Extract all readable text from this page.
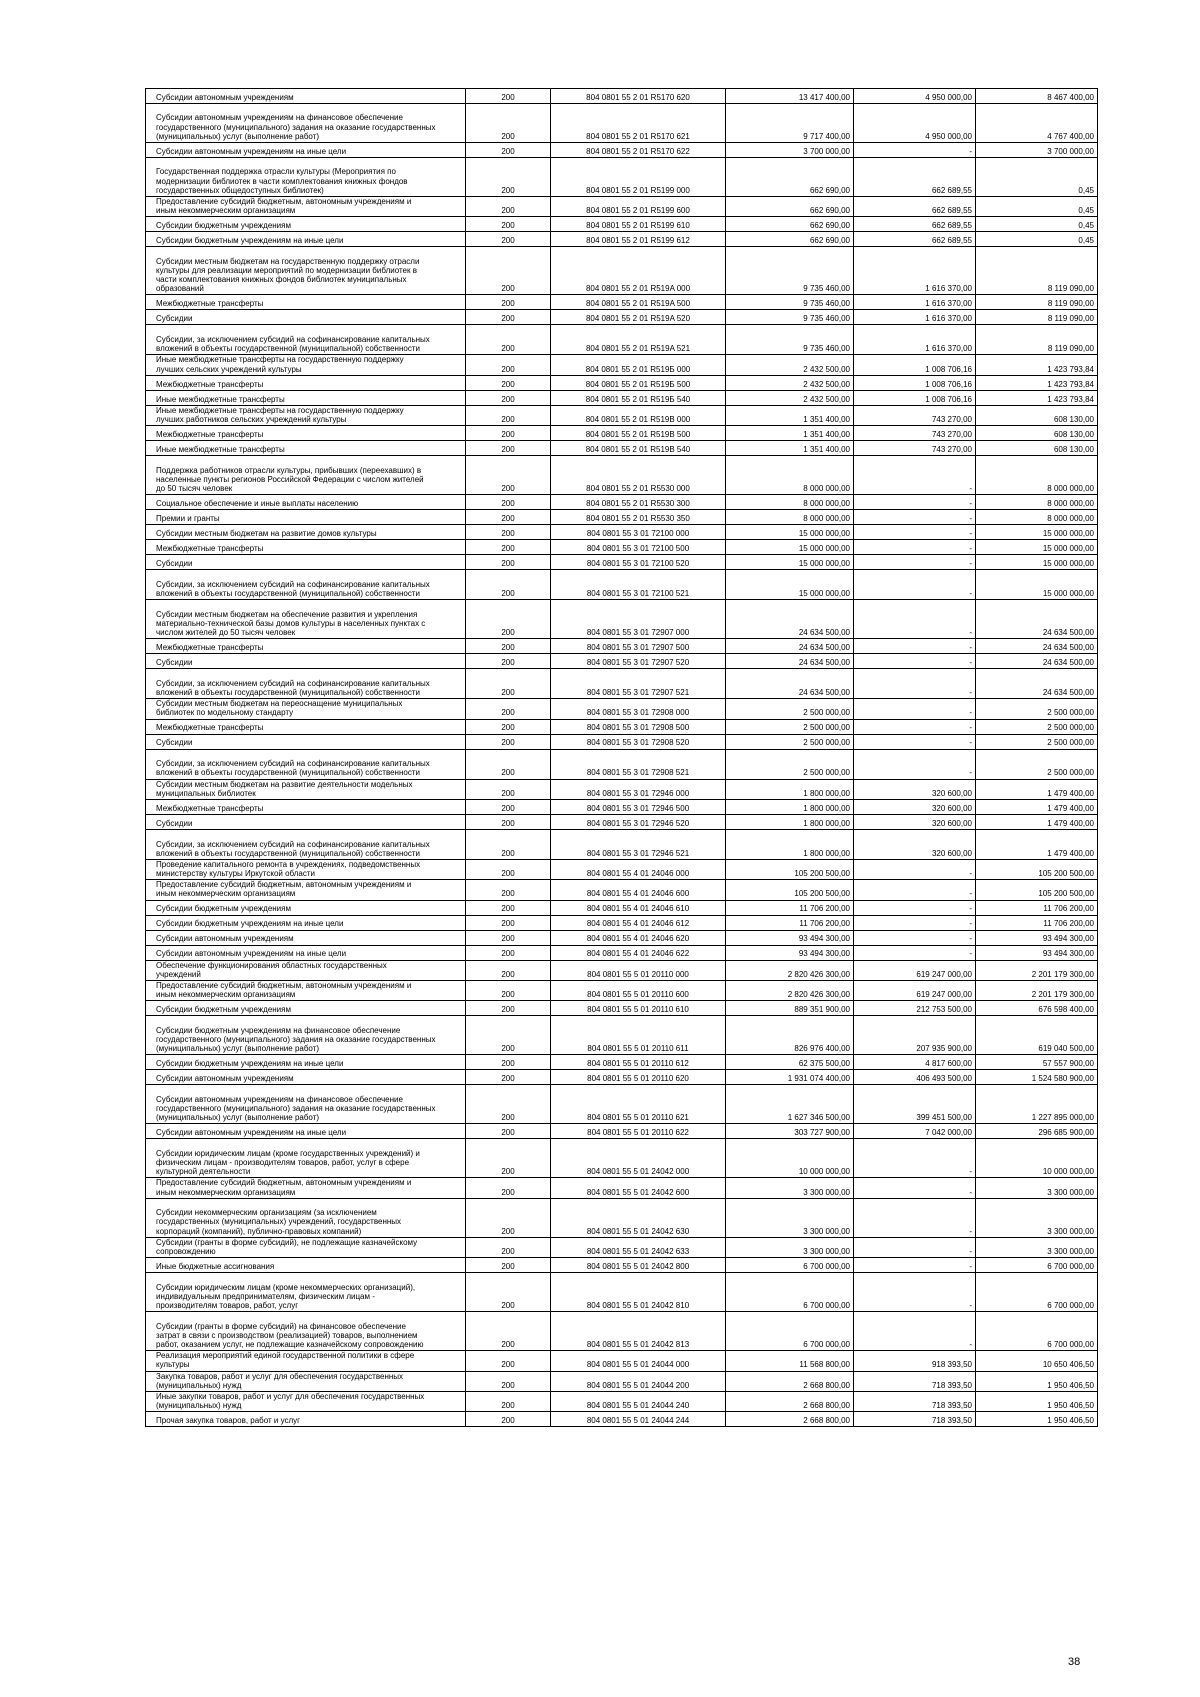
Субсидии автономным учреждениям	200	804 0801 55 2 01 R5170 620	13 417 400,00	4 950 000,00	8 467 400,00
Субсидии автономным учреждениям на финансовое обеспечение
государственного (муниципального) задания на оказание государственных
(муниципальных) услуг (выполнение работ)	200	804 0801 55 2 01 R5170 621	9 717 400,00	4 950 000,00	4 767 400,00
Субсидии автономным учреждениям на иные цели	200	804 0801 55 2 01 R5170 622	3 700 000,00	-	3 700 000,00
Государственная поддержка отрасли культуры (Мероприятия по
модернизации библиотек в части комплектования книжных фондов
государственных общедоступных библиотек)	200	804 0801 55 2 01 R5199 000	662 690,00	662 689,55	0,45
Предоставление субсидий бюджетным, автономным учреждениям и
иным некоммерческим организациям	200	804 0801 55 2 01 R5199 600	662 690,00	662 689,55	0,45
Субсидии бюджетным учреждениям	200	804 0801 55 2 01 R5199 610	662 690,00	662 689,55	0,45
Субсидии бюджетным учреждениям на иные цели	200	804 0801 55 2 01 R5199 612	662 690,00	662 689,55	0,45
Субсидии местным бюджетам на государственную поддержку отрасли
культуры для реализации мероприятий по модернизации библиотек в
части комплектования книжных фондов библиотек муниципальных
образований	200	804 0801 55 2 01 R519A 000	9 735 460,00	1 616 370,00	8 119 090,00
Межбюджетные трансферты	200	804 0801 55 2 01 R519A 500	9 735 460,00	1 616 370,00	8 119 090,00
Субсидии	200	804 0801 55 2 01 R519A 520	9 735 460,00	1 616 370,00	8 119 090,00
Субсидии, за исключением субсидий на софинансирование капитальных
вложений в объекты государственной (муниципальной) собственности	200	804 0801 55 2 01 R519A 521	9 735 460,00	1 616 370,00	8 119 090,00
Иные межбюджетные трансферты на государственную поддержку
лучших сельских учреждений культуры	200	804 0801 55 2 01 R519Б 000	2 432 500,00	1 008 706,16	1 423 793,84
Межбюджетные трансферты	200	804 0801 55 2 01 R519Б 500	2 432 500,00	1 008 706,16	1 423 793,84
Иные межбюджетные трансферты	200	804 0801 55 2 01 R519Б 540	2 432 500,00	1 008 706,16	1 423 793,84
Иные межбюджетные трансферты на государственную поддержку
лучших работников сельских учреждений культуры	200	804 0801 55 2 01 R519В 000	1 351 400,00	743 270,00	608 130,00
Межбюджетные трансферты	200	804 0801 55 2 01 R519В 500	1 351 400,00	743 270,00	608 130,00
Иные межбюджетные трансферты	200	804 0801 55 2 01 R519В 540	1 351 400,00	743 270,00	608 130,00
Поддержка работников отрасли культуры, прибывших (переехавших) в
населенные пункты регионов Российской Федерации с числом жителей
до 50 тысяч человек	200	804 0801 55 2 01 R5530 000	8 000 000,00	-	8 000 000,00
Социальное обеспечение и иные выплаты населению	200	804 0801 55 2 01 R5530 300	8 000 000,00	-	8 000 000,00
Премии и гранты	200	804 0801 55 2 01 R5530 350	8 000 000,00	-	8 000 000,00
Субсидии местным бюджетам на развитие домов культуры	200	804 0801 55 3 01 72100 000	15 000 000,00	-	15 000 000,00
Межбюджетные трансферты	200	804 0801 55 3 01 72100 500	15 000 000,00	-	15 000 000,00
Субсидии	200	804 0801 55 3 01 72100 520	15 000 000,00	-	15 000 000,00
Субсидии, за исключением субсидий на софинансирование капитальных
вложений в объекты государственной (муниципальной) собственности	200	804 0801 55 3 01 72100 521	15 000 000,00	-	15 000 000,00
Субсидии местным бюджетам на обеспечение развития и укрепления
материально-технической базы домов культуры в населенных пунктах с
числом жителей до 50 тысяч человек	200	804 0801 55 3 01 72907 000	24 634 500,00	-	24 634 500,00
Межбюджетные трансферты	200	804 0801 55 3 01 72907 500	24 634 500,00	-	24 634 500,00
Субсидии	200	804 0801 55 3 01 72907 520	24 634 500,00	-	24 634 500,00
Субсидии, за исключением субсидий на софинансирование капитальных
вложений в объекты государственной (муниципальной) собственности	200	804 0801 55 3 01 72907 521	24 634 500,00	-	24 634 500,00
Субсидии местным бюджетам на переоснащение муниципальных
библиотек по модельному стандарту	200	804 0801 55 3 01 72908 000	2 500 000,00	-	2 500 000,00
Межбюджетные трансферты	200	804 0801 55 3 01 72908 500	2 500 000,00	-	2 500 000,00
Субсидии	200	804 0801 55 3 01 72908 520	2 500 000,00	-	2 500 000,00
Субсидии, за исключением субсидий на софинансирование капитальных
вложений в объекты государственной (муниципальной) собственности	200	804 0801 55 3 01 72908 521	2 500 000,00	-	2 500 000,00
Субсидии местным бюджетам на развитие деятельности модельных
муниципальных библиотек	200	804 0801 55 3 01 72946 000	1 800 000,00	320 600,00	1 479 400,00
Межбюджетные трансферты	200	804 0801 55 3 01 72946 500	1 800 000,00	320 600,00	1 479 400,00
Субсидии	200	804 0801 55 3 01 72946 520	1 800 000,00	320 600,00	1 479 400,00
Субсидии, за исключением субсидий на софинансирование капитальных
вложений в объекты государственной (муниципальной) собственности	200	804 0801 55 3 01 72946 521	1 800 000,00	320 600,00	1 479 400,00
Проведение капитального ремонта в учреждениях, подведомственных
министерству культуры Иркутской области	200	804 0801 55 4 01 24046 000	105 200 500,00	-	105 200 500,00
Предоставление субсидий бюджетным, автономным учреждениям и
иным некоммерческим организациям	200	804 0801 55 4 01 24046 600	105 200 500,00	-	105 200 500,00
Субсидии бюджетным учреждениям	200	804 0801 55 4 01 24046 610	11 706 200,00	-	11 706 200,00
Субсидии бюджетным учреждениям на иные цели	200	804 0801 55 4 01 24046 612	11 706 200,00	-	11 706 200,00
Субсидии автономным учреждениям	200	804 0801 55 4 01 24046 620	93 494 300,00	-	93 494 300,00
Субсидии автономным учреждениям на иные цели	200	804 0801 55 4 01 24046 622	93 494 300,00	-	93 494 300,00
Обеспечение функционирования областных государственных
учреждений	200	804 0801 55 5 01 20110 000	2 820 426 300,00	619 247 000,00	2 201 179 300,00
Предоставление субсидий бюджетным, автономным учреждениям и
иным некоммерческим организациям	200	804 0801 55 5 01 20110 600	2 820 426 300,00	619 247 000,00	2 201 179 300,00
Субсидии бюджетным учреждениям	200	804 0801 55 5 01 20110 610	889 351 900,00	212 753 500,00	676 598 400,00
Субсидии бюджетным учреждениям на финансовое обеспечение
государственного (муниципального) задания на оказание государственных
(муниципальных) услуг (выполнение работ)	200	804 0801 55 5 01 20110 611	826 976 400,00	207 935 900,00	619 040 500,00
Субсидии бюджетным учреждениям на иные цели	200	804 0801 55 5 01 20110 612	62 375 500,00	4 817 600,00	57 557 900,00
Субсидии автономным учреждениям	200	804 0801 55 5 01 20110 620	1 931 074 400,00	406 493 500,00	1 524 580 900,00
Субсидии автономным учреждениям на финансовое обеспечение
государственного (муниципального) задания на оказание государственных
(муниципальных) услуг (выполнение работ)	200	804 0801 55 5 01 20110 621	1 627 346 500,00	399 451 500,00	1 227 895 000,00
Субсидии автономным учреждениям на иные цели	200	804 0801 55 5 01 20110 622	303 727 900,00	7 042 000,00	296 685 900,00
Субсидии юридическим лицам (кроме государственных учреждений) и
физическим лицам - производителям товаров, работ, услуг в сфере
культурной деятельности	200	804 0801 55 5 01 24042 000	10 000 000,00	-	10 000 000,00
Предоставление субсидий бюджетным, автономным учреждениям и
иным некоммерческим организациям	200	804 0801 55 5 01 24042 600	3 300 000,00	-	3 300 000,00
Субсидии некоммерческим организациям (за исключением
государственных (муниципальных) учреждений, государственных
корпораций (компаний), публично-правовых компаний)	200	804 0801 55 5 01 24042 630	3 300 000,00	-	3 300 000,00
Субсидии (гранты в форме субсидий), не подлежащие казначейскому
сопровождению	200	804 0801 55 5 01 24042 633	3 300 000,00	-	3 300 000,00
Иные бюджетные ассигнования	200	804 0801 55 5 01 24042 800	6 700 000,00	-	6 700 000,00
Субсидии юридическим лицам (кроме некоммерческих организаций),
индивидуальным предпринимателям, физическим лицам -
производителям товаров, работ, услуг	200	804 0801 55 5 01 24042 810	6 700 000,00	-	6 700 000,00
Субсидии (гранты в форме субсидий) на финансовое обеспечение
затрат в связи с производством (реализацией) товаров, выполнением
работ, оказанием услуг, не подлежащие казначейскому сопровождению	200	804 0801 55 5 01 24042 813	6 700 000,00	-	6 700 000,00
Реализация мероприятий единой государственной политики в сфере
культуры	200	804 0801 55 5 01 24044 000	11 568 800,00	918 393,50	10 650 406,50
Закупка товаров, работ и услуг для обеспечения государственных
(муниципальных) нужд	200	804 0801 55 5 01 24044 200	2 668 800,00	718 393,50	1 950 406,50
Иные закупки товаров, работ и услуг для обеспечения государственных
(муниципальных) нужд	200	804 0801 55 5 01 24044 240	2 668 800,00	718 393,50	1 950 406,50
Прочая закупка товаров, работ и услуг	200	804 0801 55 5 01 24044 244	2 668 800,00	718 393,50	1 950 406,50
38
